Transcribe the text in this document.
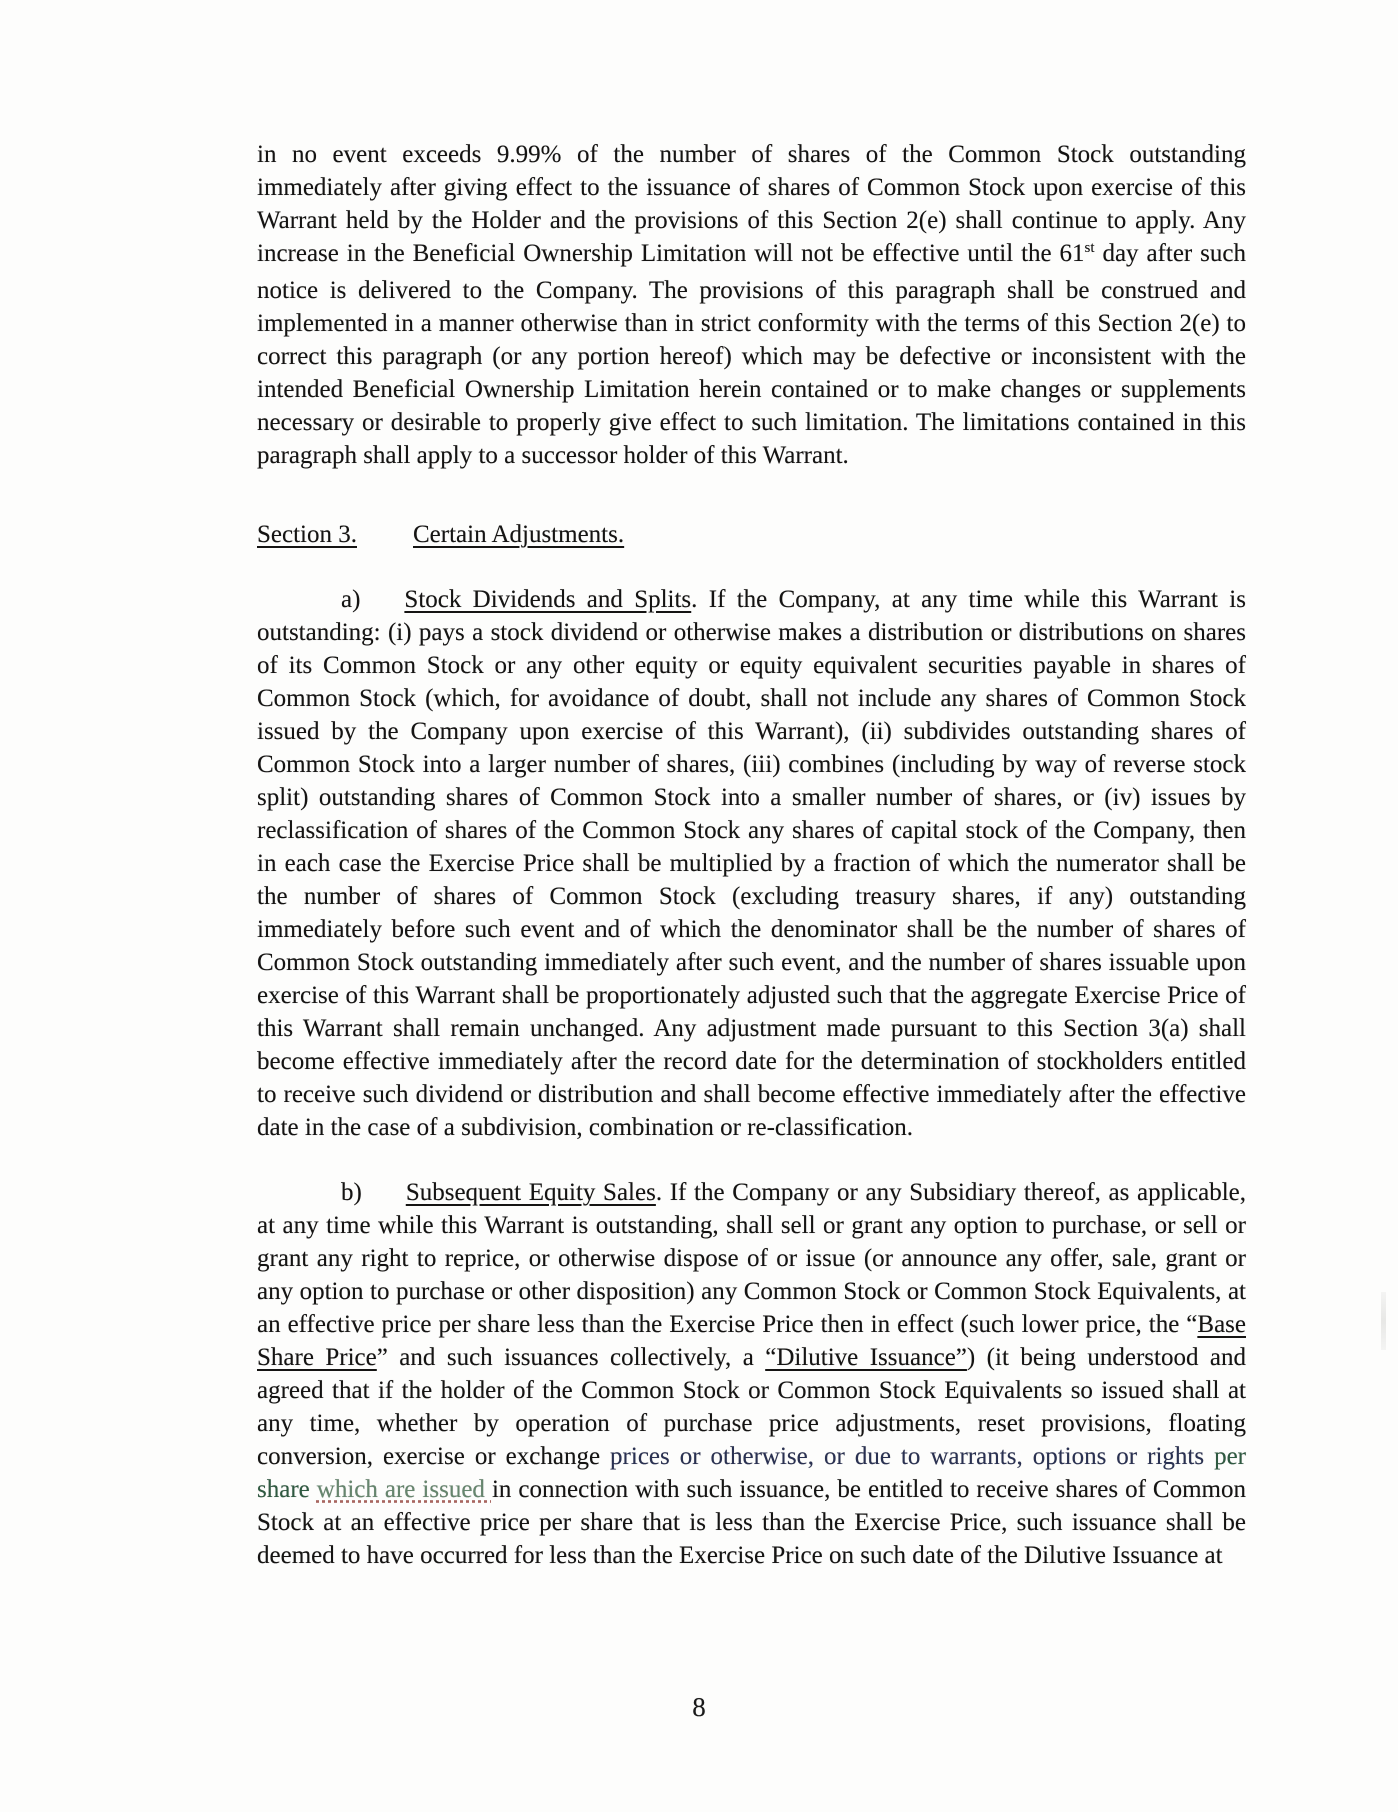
in no event exceeds 9.99% of the number of shares of the Common Stock outstanding immediately after giving effect to the issuance of shares of Common Stock upon exercise of this Warrant held by the Holder and the provisions of this Section 2(e) shall continue to apply. Any increase in the Beneficial Ownership Limitation will not be effective until the 61st day after such notice is delivered to the Company. The provisions of this paragraph shall be construed and implemented in a manner otherwise than in strict conformity with the terms of this Section 2(e) to correct this paragraph (or any portion hereof) which may be defective or inconsistent with the intended Beneficial Ownership Limitation herein contained or to make changes or supplements necessary or desirable to properly give effect to such limitation. The limitations contained in this paragraph shall apply to a successor holder of this Warrant.

Section 3. Certain Adjustments.

a) Stock Dividends and Splits. If the Company, at any time while this Warrant is outstanding: (i) pays a stock dividend or otherwise makes a distribution or distributions on shares of its Common Stock or any other equity or equity equivalent securities payable in shares of Common Stock (which, for avoidance of doubt, shall not include any shares of Common Stock issued by the Company upon exercise of this Warrant), (ii) subdivides outstanding shares of Common Stock into a larger number of shares, (iii) combines (including by way of reverse stock split) outstanding shares of Common Stock into a smaller number of shares, or (iv) issues by reclassification of shares of the Common Stock any shares of capital stock of the Company, then in each case the Exercise Price shall be multiplied by a fraction of which the numerator shall be the number of shares of Common Stock (excluding treasury shares, if any) outstanding immediately before such event and of which the denominator shall be the number of shares of Common Stock outstanding immediately after such event, and the number of shares issuable upon exercise of this Warrant shall be proportionately adjusted such that the aggregate Exercise Price of this Warrant shall remain unchanged. Any adjustment made pursuant to this Section 3(a) shall become effective immediately after the record date for the determination of stockholders entitled to receive such dividend or distribution and shall become effective immediately after the effective date in the case of a subdivision, combination or re-classification.

b) Subsequent Equity Sales. If the Company or any Subsidiary thereof, as applicable, at any time while this Warrant is outstanding, shall sell or grant any option to purchase, or sell or grant any right to reprice, or otherwise dispose of or issue (or announce any offer, sale, grant or any option to purchase or other disposition) any Common Stock or Common Stock Equivalents, at an effective price per share less than the Exercise Price then in effect (such lower price, the “Base Share Price” and such issuances collectively, a “Dilutive Issuance”) (it being understood and agreed that if the holder of the Common Stock or Common Stock Equivalents so issued shall at any time, whether by operation of purchase price adjustments, reset provisions, floating conversion, exercise or exchange prices or otherwise, or due to warrants, options or rights per share which are issued in connection with such issuance, be entitled to receive shares of Common Stock at an effective price per share that is less than the Exercise Price, such issuance shall be deemed to have occurred for less than the Exercise Price on such date of the Dilutive Issuance at

8
